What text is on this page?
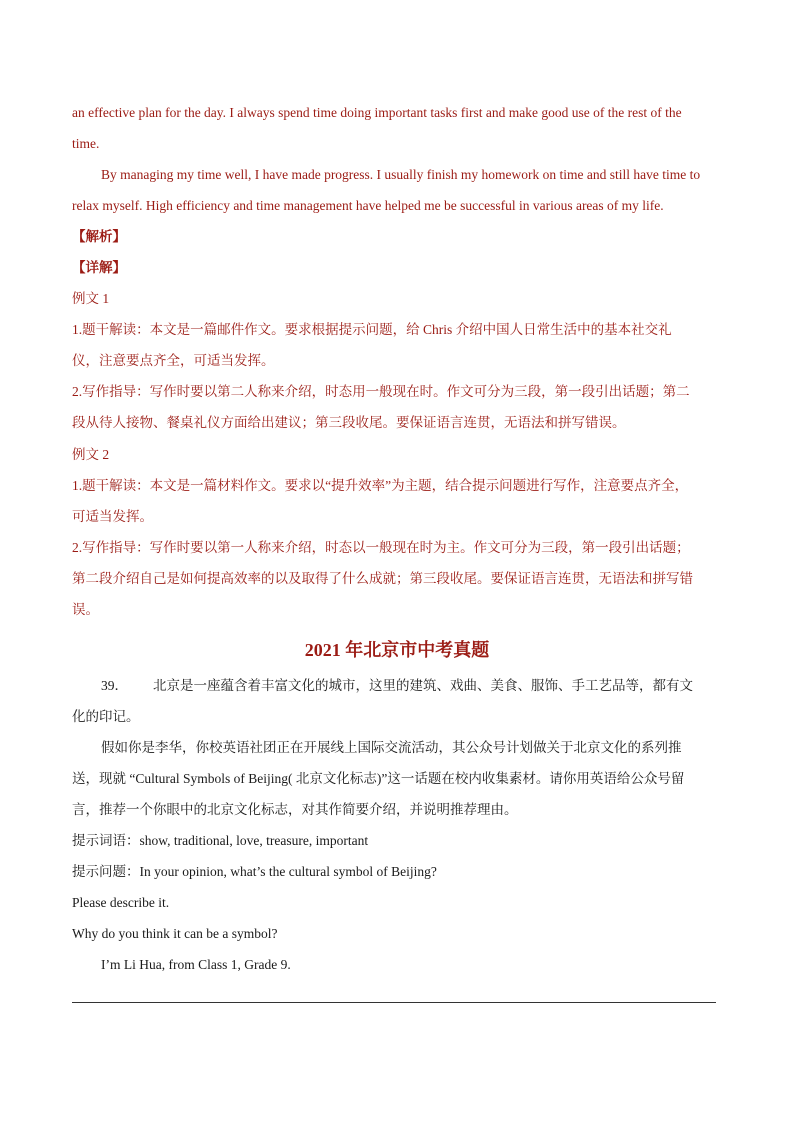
an effective plan for the day. I always spend time doing important tasks first and make good use of the rest of the
time.
By managing my time well, I have made progress. I usually finish my homework on time and still have time to
relax myself. High efficiency and time management have helped me be successful in various areas of my life.
【解析】
【详解】
例文 1
1.题干解读：本文是一篇邮件作文。要求根据提示问题，给 Chris 介绍中国人日常生活中的基本社交礼
仪，注意要点齐全，可适当发挥。
2.写作指导：写作时要以第二人称来介绍，时态用一般现在时。作文可分为三段，第一段引出话题；第二
段从待人接物、餐桌礼仪方面给出建议；第三段收尾。要保证语言连贯，无语法和拼写错误。
例文 2
1.题干解读：本文是一篇材料作文。要求以“提升效率”为主题，结合提示问题进行写作，注意要点齐全，
可适当发挥。
2.写作指导：写作时要以第一人称来介绍，时态以一般现在时为主。作文可分为三段，第一段引出话题；
第二段介绍自己是如何提高效率的以及取得了什么成就；第三段收尾。要保证语言连贯，无语法和拼写错
误。
2021 年北京市中考真题
39． 北京是一座蕴含着丰富文化的城市，这里的建筑、戏曲、美食、服饰、手工艺品等，都有文
化的印记。
假如你是李华，你校英语社团正在开展线上国际交流活动，其公众号计划做关于北京文化的系列推
送，现就 “Cultural Symbols of Beijing( 北京文化标志)”这一话题在校内收集素材。请你用英语给公众号留
言，推荐一个你眼中的北京文化标志，对其作简要介绍，并说明推荐理由。
提示词语：show, traditional, love, treasure, important
提示问题：In your opinion, what’s the cultural symbol of Beijing?
Please describe it.
Why do you think it can be a symbol?
I’m Li Hua, from Class 1, Grade 9.
